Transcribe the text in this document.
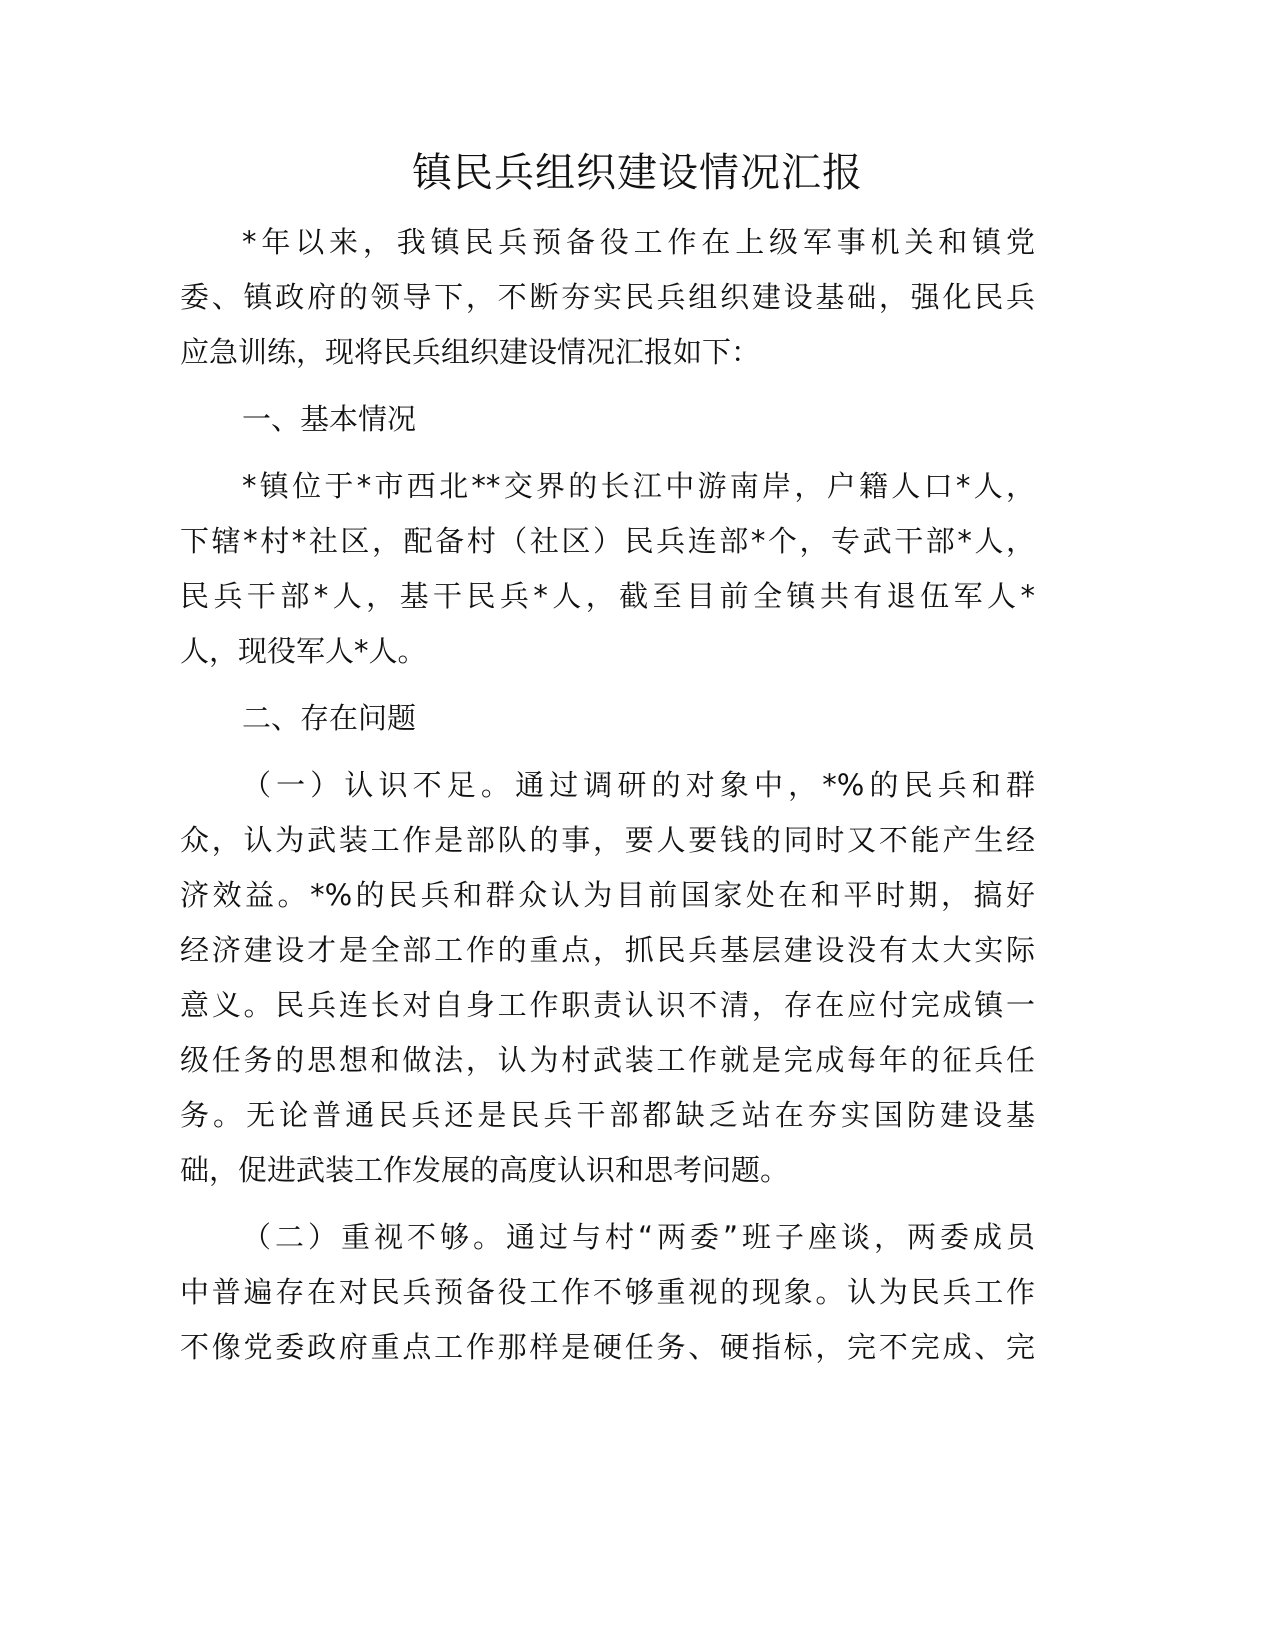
镇民兵组织建设情况汇报
*年以来，我镇民兵预备役工作在上级军事机关和镇党
委、镇政府的领导下，不断夯实民兵组织建设基础，强化民兵
应急训练，现将民兵组织建设情况汇报如下：
一、基本情况
*镇位于*市西北**交界的长江中游南岸，户籍人口*人，
下辖*村*社区，配备村（社区）民兵连部*个，专武干部*人，
民兵干部*人，基干民兵*人，截至目前全镇共有退伍军人*
人，现役军人*人。
二、存在问题
（一）认识不足。通过调研的对象中，*%的民兵和群
众，认为武装工作是部队的事，要人要钱的同时又不能产生经
济效益。*%的民兵和群众认为目前国家处在和平时期，搞好
经济建设才是全部工作的重点，抓民兵基层建设没有太大实际
意义。民兵连长对自身工作职责认识不清，存在应付完成镇一
级任务的思想和做法，认为村武装工作就是完成每年的征兵任
务。无论普通民兵还是民兵干部都缺乏站在夯实国防建设基
础，促进武装工作发展的高度认识和思考问题。
（二）重视不够。通过与村“两委”班子座谈，两委成员
中普遍存在对民兵预备役工作不够重视的现象。认为民兵工作
不像党委政府重点工作那样是硬任务、硬指标，完不完成、完
